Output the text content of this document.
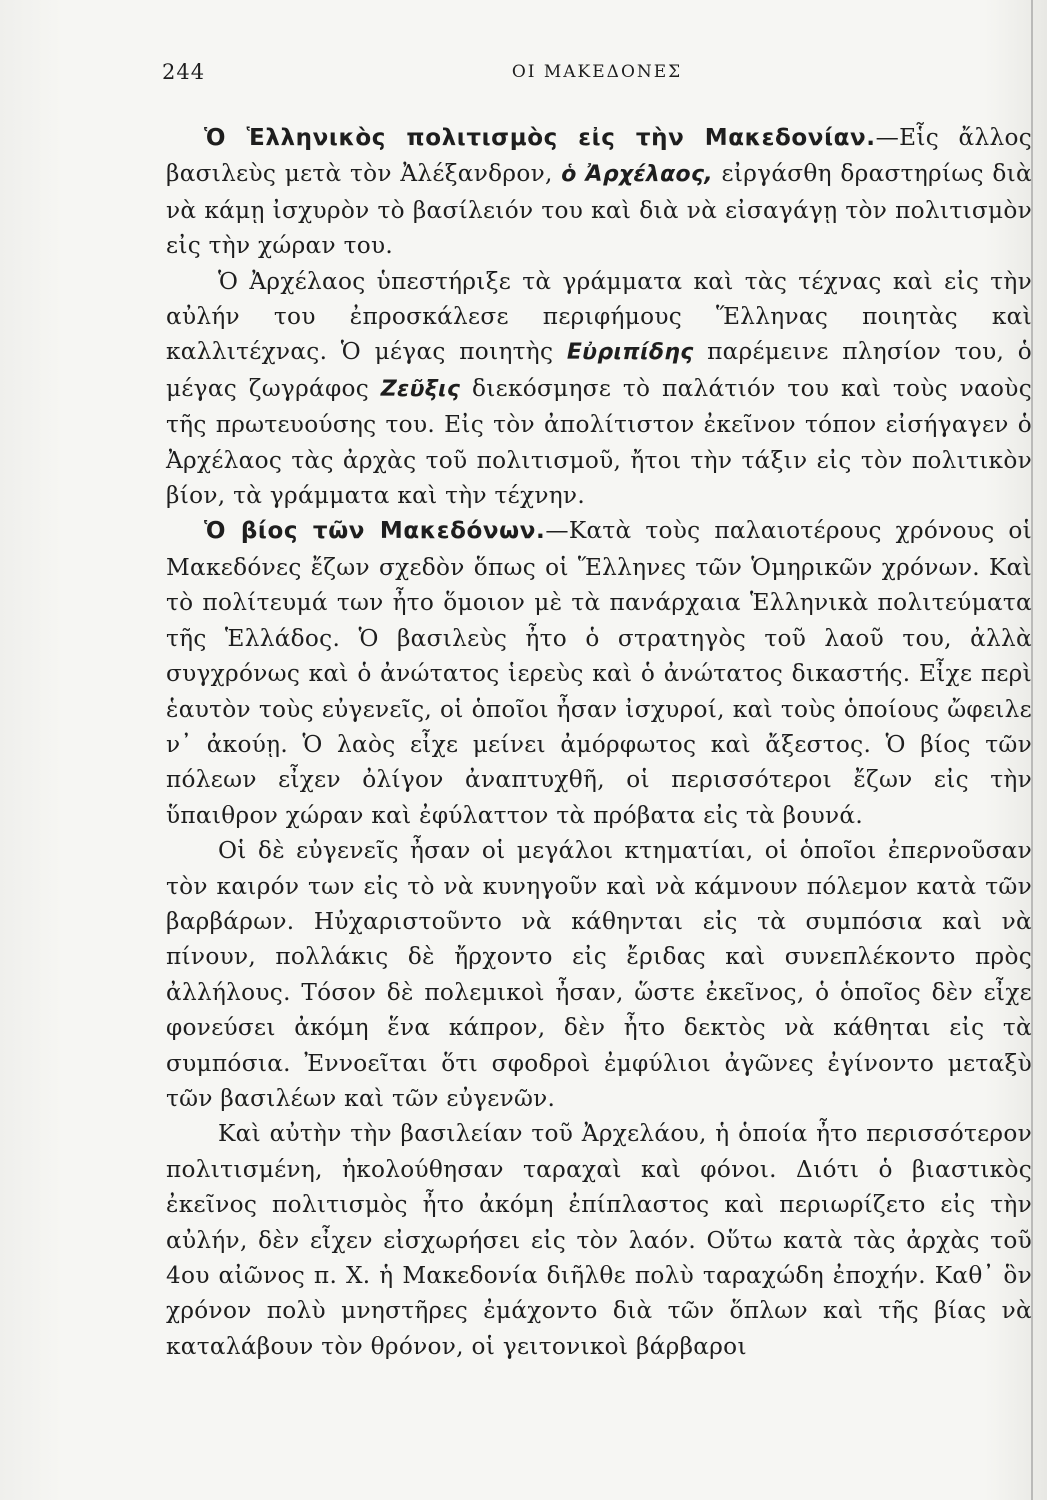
244	ΟΙ ΜΑΚΕΔΟΝΕΣ

Ὁ Ἑλληνικὸς πολιτισμὸς εἰς τὴν Μακεδονίαν.—Εἷς ἄλλος βασιλεὺς μετὰ τὸν Ἀλέξανδρον, ὁ Ἀρχέλαος, εἰργάσθη δραστηρίως διὰ νὰ κάμῃ ἰσχυρὸν τὸ βασίλειόν του καὶ διὰ νὰ εἰσαγάγῃ τὸν πολιτισμὸν εἰς τὴν χώραν του.

Ὁ Ἀρχέλαος ὑπεστήριξε τὰ γράμματα καὶ τὰς τέχνας καὶ εἰς τὴν αὐλήν του ἐπροσκάλεσε περιφήμους Ἕλληνας ποιητὰς καὶ καλλιτέχνας. Ὁ μέγας ποιητὴς Εὐριπίδης παρέμεινε πλησίον του, ὁ μέγας ζωγράφος Ζεῦξις διεκόσμησε τὸ παλάτιόν του καὶ τοὺς ναοὺς τῆς πρωτευούσης του. Εἰς τὸν ἀπολίτιστον ἐκεῖνον τόπον εἰσήγαγεν ὁ Ἀρχέλαος τὰς ἀρχὰς τοῦ πολιτισμοῦ, ἤτοι τὴν τάξιν εἰς τὸν πολιτικὸν βίον, τὰ γράμματα καὶ τὴν τέχνην.

Ὁ βίος τῶν Μακεδόνων.—Κατὰ τοὺς παλαιοτέρους χρόνους οἱ Μακεδόνες ἔζων σχεδὸν ὅπως οἱ Ἕλληνες τῶν Ὁμηρικῶν χρόνων. Καὶ τὸ πολίτευμά των ἦτο ὅμοιον μὲ τὰ πανάρχαια Ἑλληνικὰ πολιτεύματα τῆς Ἑλλάδος. Ὁ βασιλεὺς ἦτο ὁ στρατηγὸς τοῦ λαοῦ του, ἀλλὰ συγχρόνως καὶ ὁ ἀνώτατος ἱερεὺς καὶ ὁ ἀνώτατος δικαστής. Εἶχε περὶ ἑαυτὸν τοὺς εὐγενεῖς, οἱ ὁποῖοι ἦσαν ἰσχυροί, καὶ τοὺς ὁποίους ὤφειλε ν᾽ ἀκούῃ. Ὁ λαὸς εἶχε μείνει ἀμόρφωτος καὶ ἄξεστος. Ὁ βίος τῶν πόλεων εἶχεν ὀλίγον ἀναπτυχθῆ, οἱ περισσότεροι ἔζων εἰς τὴν ὕπαιθρον χώραν καὶ ἐφύλαττον τὰ πρόβατα εἰς τὰ βουνά.

Οἱ δὲ εὐγενεῖς ἦσαν οἱ μεγάλοι κτηματίαι, οἱ ὁποῖοι ἐπερνοῦσαν τὸν καιρόν των εἰς τὸ νὰ κυνηγοῦν καὶ νὰ κάμνουν πόλεμον κατὰ τῶν βαρβάρων. Ηὐχαριστοῦντο νὰ κάθηνται εἰς τὰ συμπόσια καὶ νὰ πίνουν, πολλάκις δὲ ἤρχοντο εἰς ἔριδας καὶ συνεπλέκοντο πρὸς ἀλλήλους. Τόσον δὲ πολεμικοὶ ἦσαν, ὥστε ἐκεῖνος, ὁ ὁποῖος δὲν εἶχε φονεύσει ἀκόμη ἕνα κάπρον, δὲν ἦτο δεκτὸς νὰ κάθηται εἰς τὰ συμπόσια. Ἐννοεῖται ὅτι σφοδροὶ ἐμφύλιοι ἀγῶνες ἐγίνοντο μεταξὺ τῶν βασιλέων καὶ τῶν εὐγενῶν.

Καὶ αὐτὴν τὴν βασιλείαν τοῦ Ἀρχελάου, ἡ ὁποία ἦτο περισσότερον πολιτισμένη, ἠκολούθησαν ταραχαὶ καὶ φόνοι. Διότι ὁ βιαστικὸς ἐκεῖνος πολιτισμὸς ἦτο ἀκόμη ἐπίπλαστος καὶ περιωρίζετο εἰς τὴν αὐλήν, δὲν εἶχεν εἰσχωρήσει εἰς τὸν λαόν. Οὕτω κατὰ τὰς ἀρχὰς τοῦ 4ου αἰῶνος π. Χ. ἡ Μακεδονία διῆλθε πολὺ ταραχώδη ἐποχήν. Καθ᾽ ὃν χρόνον πολὺ μνηστῆρες ἐμάχοντο διὰ τῶν ὅπλων καὶ τῆς βίας νὰ καταλάβουν τὸν θρόνον, οἱ γειτονικοὶ βάρβαροι
